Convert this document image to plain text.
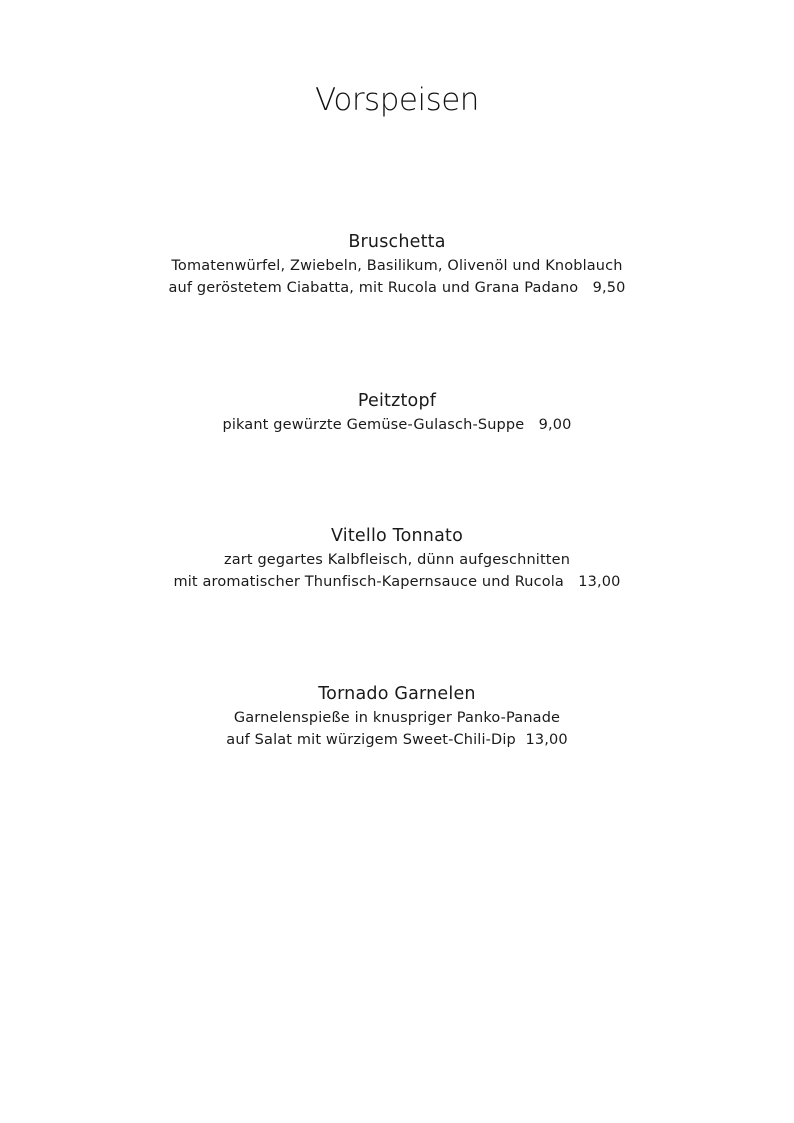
Vorspeisen
Bruschetta
Tomatenwürfel, Zwiebeln, Basilikum, Olivenöl und Knoblauch
auf geröstetem Ciabatta, mit Rucola und Grana Padano 9,50
Peitztopf
pikant gewürzte Gemüse-Gulasch-Suppe 9,00
Vitello Tonnato
zart gegartes Kalbfleisch, dünn aufgeschnitten
mit aromatischer Thunfisch-Kapernsauce und Rucola 13,00
Tornado Garnelen
Garnelenspieße in knuspriger Panko-Panade
auf Salat mit würzigem Sweet-Chili-Dip 13,00
